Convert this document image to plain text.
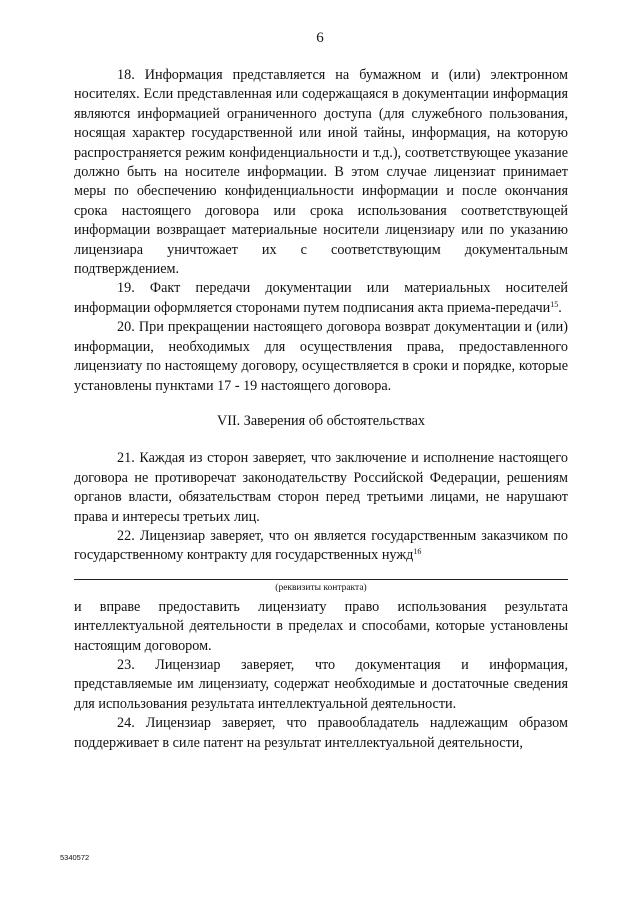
6

18. Информация представляется на бумажном и (или) электронном носителях. Если представленная или содержащаяся в документации информация являются информацией ограниченного доступа (для служебного пользования, носящая характер государственной или иной тайны, информация, на которую распространяется режим конфиденциальности и т.д.), соответствующее указание должно быть на носителе информации. В этом случае лицензиат принимает меры по обеспечению конфиденциальности информации и после окончания срока настоящего договора или срока использования соответствующей информации возвращает материальные носители лицензиару или по указанию лицензиара уничтожает их с соответствующим документальным подтверждением.

19. Факт передачи документации или материальных носителей информации оформляется сторонами путем подписания акта приема-передачи$^{15}$.

20. При прекращении настоящего договора возврат документации и (или) информации, необходимых для осуществления права, предоставленного лицензиату по настоящему договору, осуществляется в сроки и порядке, которые установлены пунктами 17 - 19 настоящего договора.

VII. Заверения об обстоятельствах

21. Каждая из сторон заверяет, что заключение и исполнение настоящего договора не противоречат законодательству Российской Федерации, решениям органов власти, обязательствам сторон перед третьими лицами, не нарушают права и интересы третьих лиц.

22. Лицензиар заверяет, что он является государственным заказчиком по государственному контракту для государственных нужд$^{16}$

(реквизиты контракта)

и вправе предоставить лицензиату право использования результата интеллектуальной деятельности в пределах и способами, которые установлены настоящим договором.

23. Лицензиар заверяет, что документация и информация, представляемые им лицензиату, содержат необходимые и достаточные сведения для использования результата интеллектуальной деятельности.

24. Лицензиар заверяет, что правообладатель надлежащим образом поддерживает в силе патент на результат интеллектуальной деятельности,

5340572
